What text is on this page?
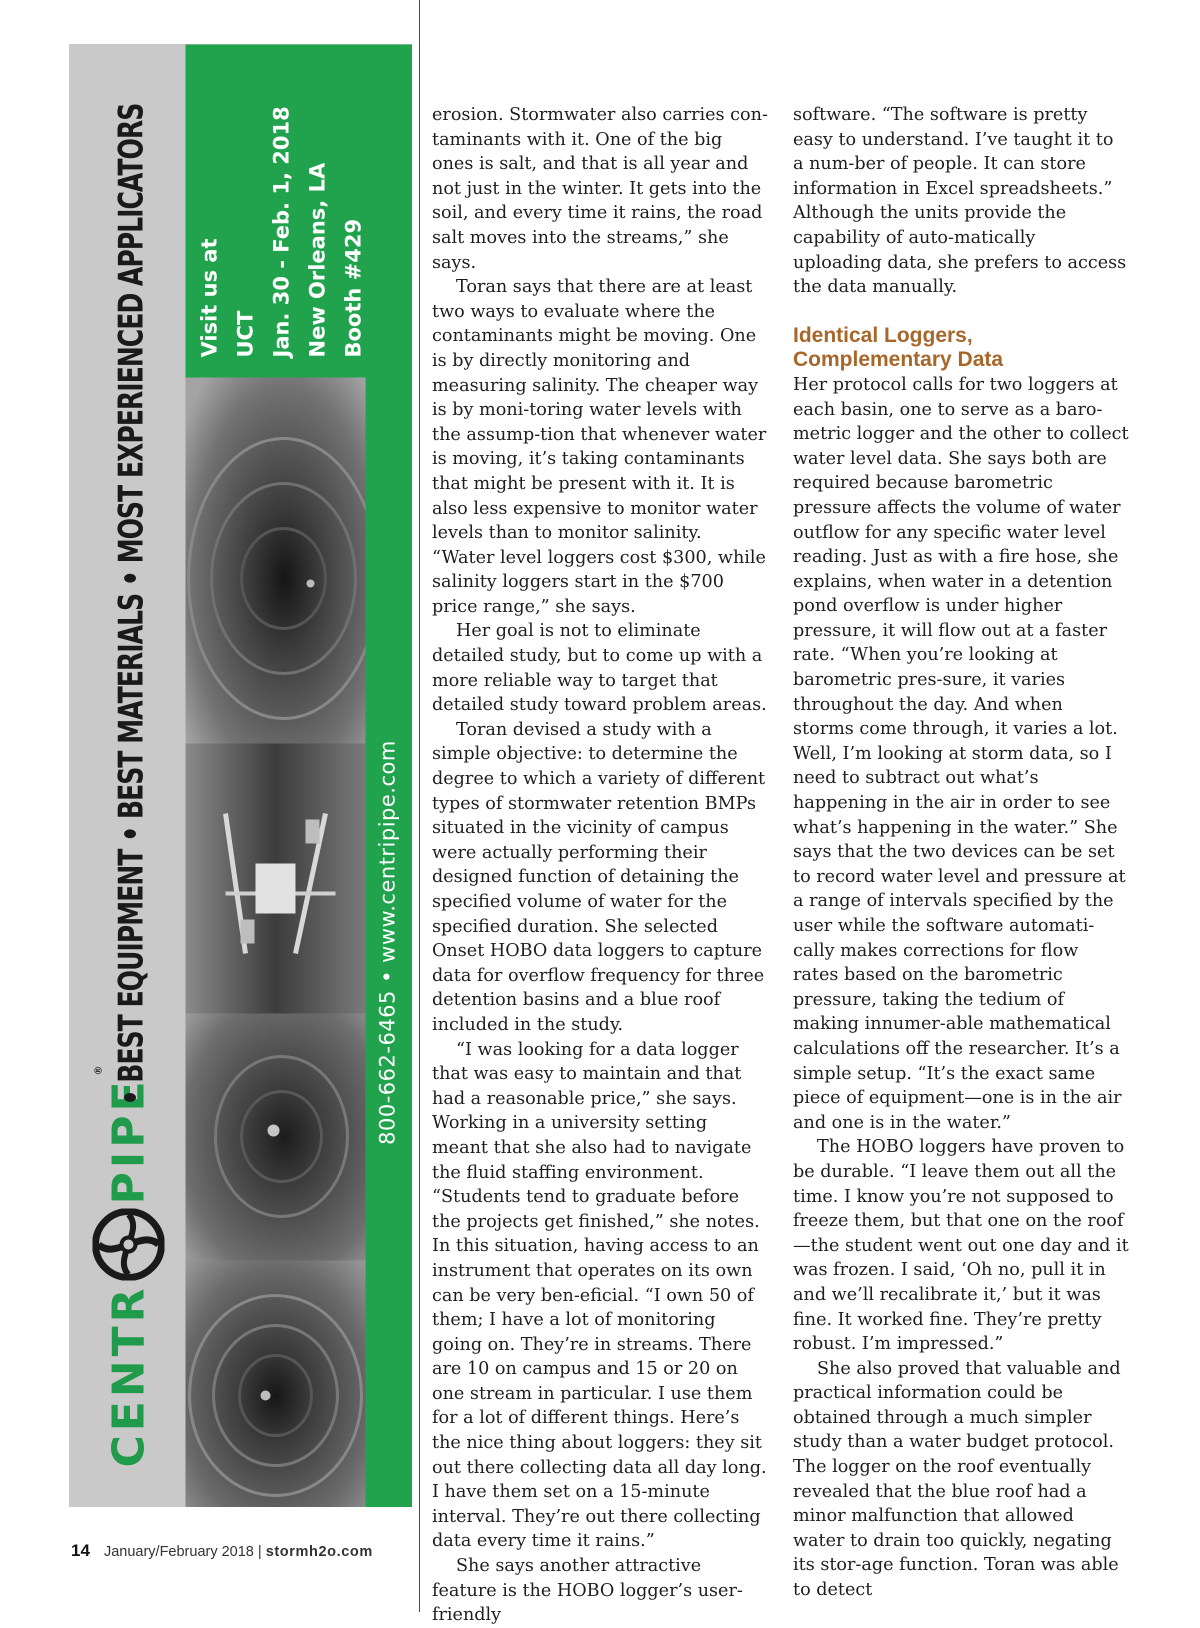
CENTR
PIPE
® • BEST EQUIPMENT • BEST MATERIALS • MOST EXPERIENCED APPLICATORS	Visit us at UCT Jan. 30 - Feb. 1, 2018 New Orleans, LA Booth #429
800-662-6465 • www.centripipe.com

erosion. Stormwater also carries con-taminants with it. One of the big ones is salt, and that is all year and not just in the winter. It gets into the soil, and every time it rains, the road salt moves into the streams,” she says.

Toran says that there are at least two ways to evaluate where the contaminants might be moving. One is by directly monitoring and measuring salinity. The cheaper way is by moni-toring water levels with the assump-tion that whenever water is moving, it’s taking contaminants that might be present with it. It is also less expensive to monitor water levels than to monitor salinity. “Water level loggers cost $300, while salinity loggers start in the $700 price range,” she says.

Her goal is not to eliminate detailed study, but to come up with a more reliable way to target that detailed study toward problem areas.

Toran devised a study with a simple objective: to determine the degree to which a variety of different types of stormwater retention BMPs situated in the vicinity of campus were actually performing their designed function of detaining the specified volume of water for the specified duration. She selected Onset HOBO data loggers to capture data for overflow frequency for three detention basins and a blue roof included in the study.

“I was looking for a data logger that was easy to maintain and that had a reasonable price,” she says. Working in a university setting meant that she also had to navigate the fluid staffing environment. “Students tend to graduate before the projects get finished,” she notes. In this situation, having access to an instrument that operates on its own can be very ben-eficial. “I own 50 of them; I have a lot of monitoring going on. They’re in streams. There are 10 on campus and 15 or 20 on one stream in particular. I use them for a lot of different things. Here’s the nice thing about loggers: they sit out there collecting data all day long. I have them set on a 15-minute interval. They’re out there collecting data every time it rains.”

She says another attractive feature is the HOBO logger’s user-friendly

software. “The software is pretty easy to understand. I’ve taught it to a num-ber of people. It can store information in Excel spreadsheets.” Although the units provide the capability of auto-matically uploading data, she prefers to access the data manually.

Identical Loggers, Complementary Data

Her protocol calls for two loggers at each basin, one to serve as a baro-metric logger and the other to collect water level data. She says both are required because barometric pressure affects the volume of water outflow for any specific water level reading. Just as with a fire hose, she explains, when water in a detention pond overflow is under higher pressure, it will flow out at a faster rate. “When you’re looking at barometric pres-sure, it varies throughout the day. And when storms come through, it varies a lot. Well, I’m looking at storm data, so I need to subtract out what’s happening in the air in order to see what’s happening in the water.” She says that the two devices can be set to record water level and pressure at a range of intervals specified by the user while the software automati-cally makes corrections for flow rates based on the barometric pressure, taking the tedium of making innumer-able mathematical calculations off the researcher. It’s a simple setup. “It’s the exact same piece of equipment—one is in the air and one is in the water.”

The HOBO loggers have proven to be durable. “I leave them out all the time. I know you’re not supposed to freeze them, but that one on the roof—the student went out one day and it was frozen. I said, ‘Oh no, pull it in and we’ll recalibrate it,’ but it was fine. It worked fine. They’re pretty robust. I’m impressed.”

She also proved that valuable and practical information could be obtained through a much simpler study than a water budget protocol. The logger on the roof eventually revealed that the blue roof had a minor malfunction that allowed water to drain too quickly, negating its stor-age function. Toran was able to detect

14 January/February 2018 | stormh2o.com
